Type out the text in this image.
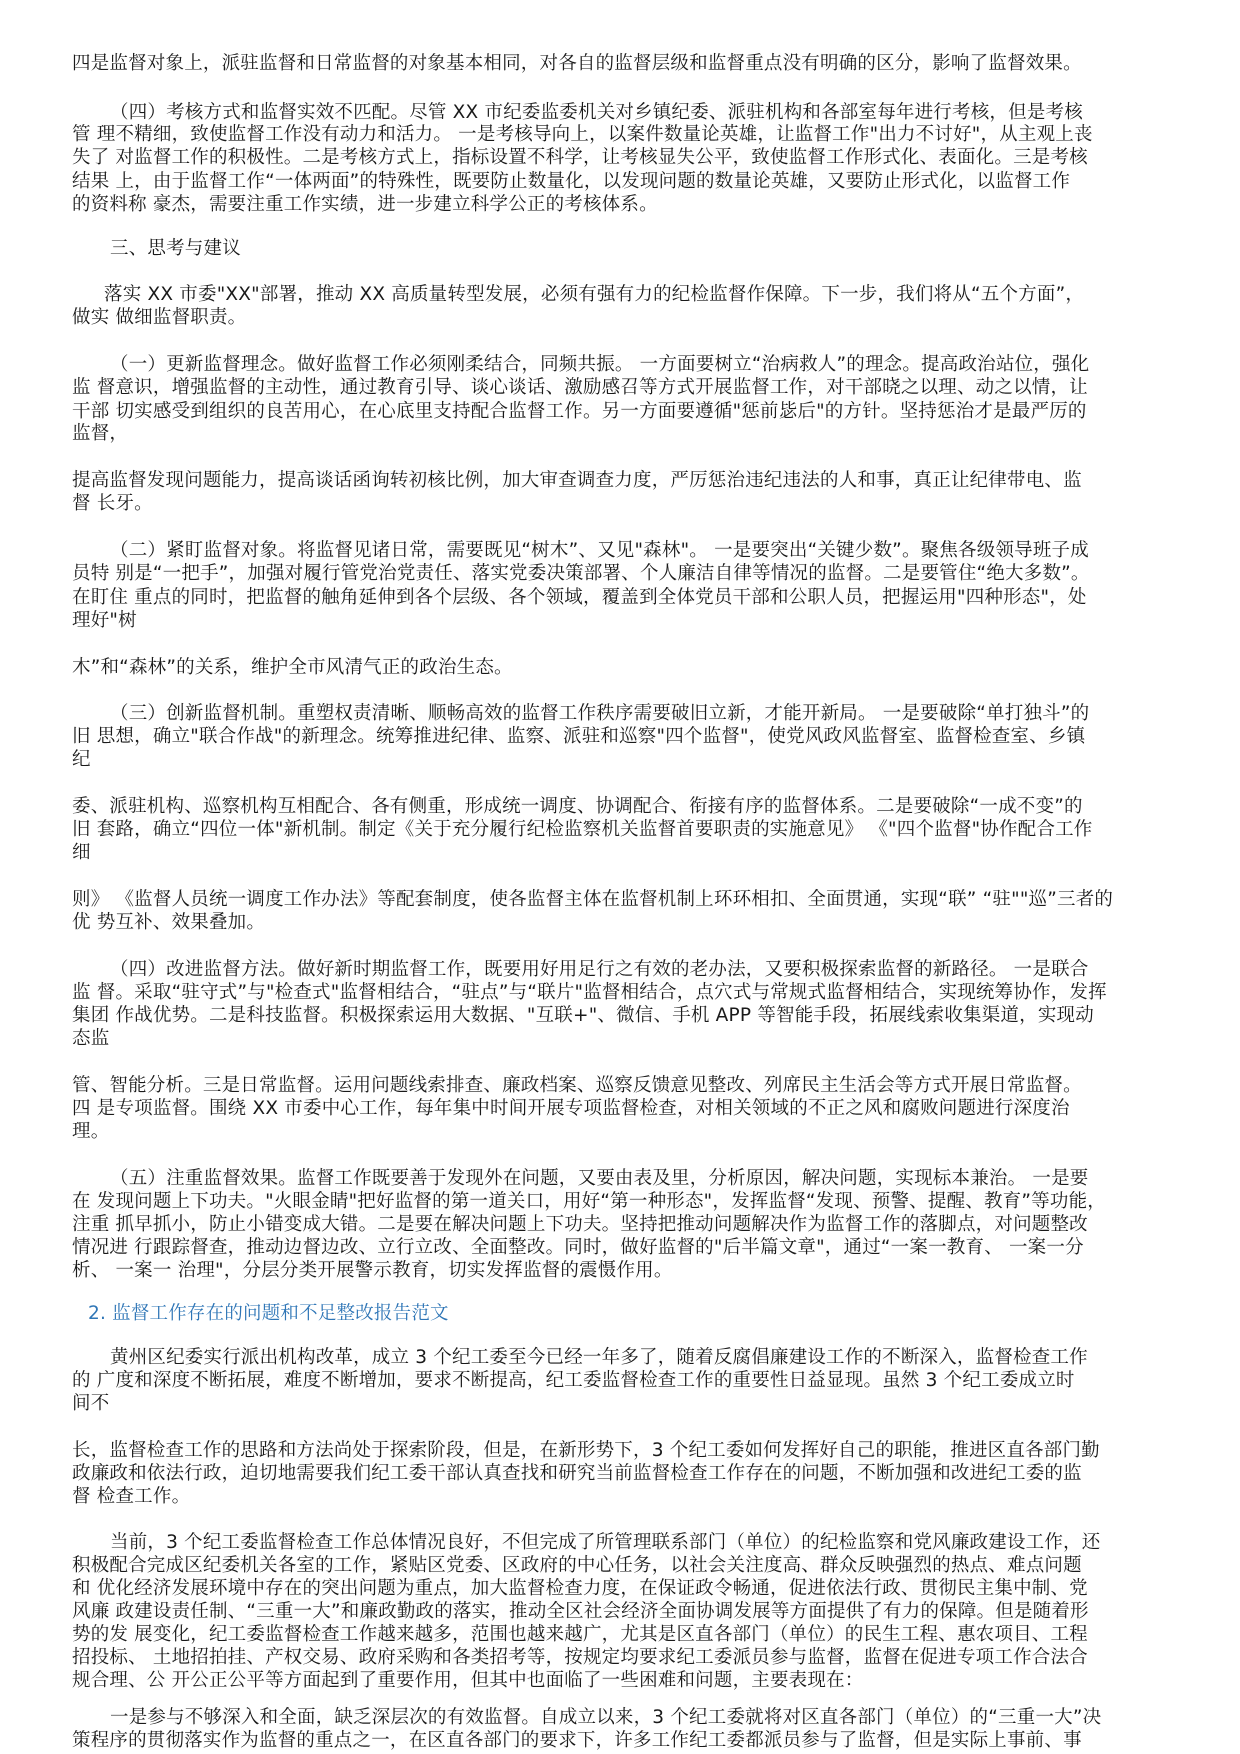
四是监督对象上，派驻监督和日常监督的对象基本相同，对各自的监督层级和监督重点没有明确的区分，影响了监督效果。
（四）考核方式和监督实效不匹配。尽管 XX 市纪委监委机关对乡镇纪委、派驻机构和各部室每年进行考核，但是考核
管 理不精细，致使监督工作没有动力和活力。 一是考核导向上，以案件数量论英雄，让监督工作"出力不讨好"，从主观上丧
失了 对监督工作的积极性。二是考核方式上，指标设置不科学，让考核显失公平，致使监督工作形式化、表面化。三是考核
结果 上，由于监督工作“一体两面”的特殊性，既要防止数量化，以发现问题的数量论英雄，又要防止形式化，以监督工作
的资料称 豪杰，需要注重工作实绩，进一步建立科学公正的考核体系。
三、思考与建议
落实 XX 市委"XX"部署，推动 XX 高质量转型发展，必须有强有力的纪检监督作保障。下一步，我们将从“五个方面”，
做实 做细监督职责。
（一）更新监督理念。做好监督工作必须刚柔结合，同频共振。 一方面要树立“治病救人”的理念。提高政治站位，强化
监 督意识，增强监督的主动性，通过教育引导、谈心谈话、激励感召等方式开展监督工作，对干部晓之以理、动之以情，让
干部 切实感受到组织的良苦用心，在心底里支持配合监督工作。另一方面要遵循"惩前毖后"的方针。坚持惩治才是最严厉的
监督，
提高监督发现问题能力，提高谈话函询转初核比例，加大审查调查力度，严厉惩治违纪违法的人和事，真正让纪律带电、监
督 长牙。
（二）紧盯监督对象。将监督见诸日常，需要既见“树木”、又见"森林"。 一是要突出“关键少数”。聚焦各级领导班子成
员特 别是“一把手”，加强对履行管党治党责任、落实党委决策部署、个人廉洁自律等情况的监督。二是要管住“绝大多数”。
在盯住 重点的同时，把监督的触角延伸到各个层级、各个领域，覆盖到全体党员干部和公职人员，把握运用"四种形态"，处
理好"树
木”和“森林”的关系，维护全市风清气正的政治生态。
（三）创新监督机制。重塑权责清晰、顺畅高效的监督工作秩序需要破旧立新，才能开新局。 一是要破除“单打独斗”的
旧 思想，确立"联合作战"的新理念。统筹推进纪律、监察、派驻和巡察"四个监督"，使党风政风监督室、监督检查室、乡镇
纪
委、派驻机构、巡察机构互相配合、各有侧重，形成统一调度、协调配合、衔接有序的监督体系。二是要破除“一成不变”的
旧 套路，确立“四位一体"新机制。制定《关于充分履行纪检监察机关监督首要职责的实施意见》 《"四个监督"协作配合工作
细
则》 《监督人员统一调度工作办法》等配套制度，使各监督主体在监督机制上环环相扣、全面贯通，实现“联” “驻""巡”三者的
优 势互补、效果叠加。
（四）改进监督方法。做好新时期监督工作，既要用好用足行之有效的老办法，又要积极探索监督的新路径。 一是联合
监 督。采取“驻守式”与"检查式"监督相结合，“驻点”与“联片"监督相结合，点穴式与常规式监督相结合，实现统筹协作，发挥
集团 作战优势。二是科技监督。积极探索运用大数据、"互联+"、微信、手机 APP 等智能手段，拓展线索收集渠道，实现动
态监
管、智能分析。三是日常监督。运用问题线索排查、廉政档案、巡察反馈意见整改、列席民主生活会等方式开展日常监督。
四 是专项监督。围绕 XX 市委中心工作，每年集中时间开展专项监督检查，对相关领域的不正之风和腐败问题进行深度治
理。
（五）注重监督效果。监督工作既要善于发现外在问题，又要由表及里，分析原因，解决问题，实现标本兼治。 一是要
在 发现问题上下功夫。"火眼金睛"把好监督的第一道关口，用好“第一种形态"，发挥监督“发现、预警、提醒、教育”等功能，
注重 抓早抓小，防止小错变成大错。二是要在解决问题上下功夫。坚持把推动问题解决作为监督工作的落脚点，对问题整改
情况进 行跟踪督查，推动边督边改、立行立改、全面整改。同时，做好监督的"后半篇文章"，通过“一案一教育、 一案一分
析、 一案一 治理"，分层分类开展警示教育，切实发挥监督的震慑作用。
2. 监督工作存在的问题和不足整改报告范文
黄州区纪委实行派出机构改革，成立 3 个纪工委至今已经一年多了，随着反腐倡廉建设工作的不断深入，监督检查工作
的 广度和深度不断拓展，难度不断增加，要求不断提高，纪工委监督检查工作的重要性日益显现。虽然 3 个纪工委成立时
间不
长，监督检查工作的思路和方法尚处于探索阶段，但是，在新形势下，3 个纪工委如何发挥好自己的职能，推进区直各部门勤
政廉政和依法行政，迫切地需要我们纪工委干部认真查找和研究当前监督检查工作存在的问题，不断加强和改进纪工委的监
督 检查工作。
当前，3 个纪工委监督检查工作总体情况良好，不但完成了所管理联系部门（单位）的纪检监察和党风廉政建设工作，还
积极配合完成区纪委机关各室的工作，紧贴区党委、区政府的中心任务，以社会关注度高、群众反映强烈的热点、难点问题
和 优化经济发展环境中存在的突出问题为重点，加大监督检查力度，在保证政令畅通，促进依法行政、贯彻民主集中制、党
风廉 政建设责任制、“三重一大”和廉政勤政的落实，推动全区社会经济全面协调发展等方面提供了有力的保障。但是随着形
势的发 展变化，纪工委监督检查工作越来越多，范围也越来越广，尤其是区直各部门（单位）的民生工程、惠农项目、工程
招投标、 土地招拍挂、产权交易、政府采购和各类招考等，按规定均要求纪工委派员参与监督，监督在促进专项工作合法合
规合理、公 开公正公平等方面起到了重要作用，但其中也面临了一些困难和问题，主要表现在：
一是参与不够深入和全面，缺乏深层次的有效监督。自成立以来，3 个纪工委就将对区直各部门（单位）的“三重一大”决
策程序的贯彻落实作为监督的重点之一，在区直各部门的要求下，许多工作纪工委都派员参与了监督，但是实际上事前、事
